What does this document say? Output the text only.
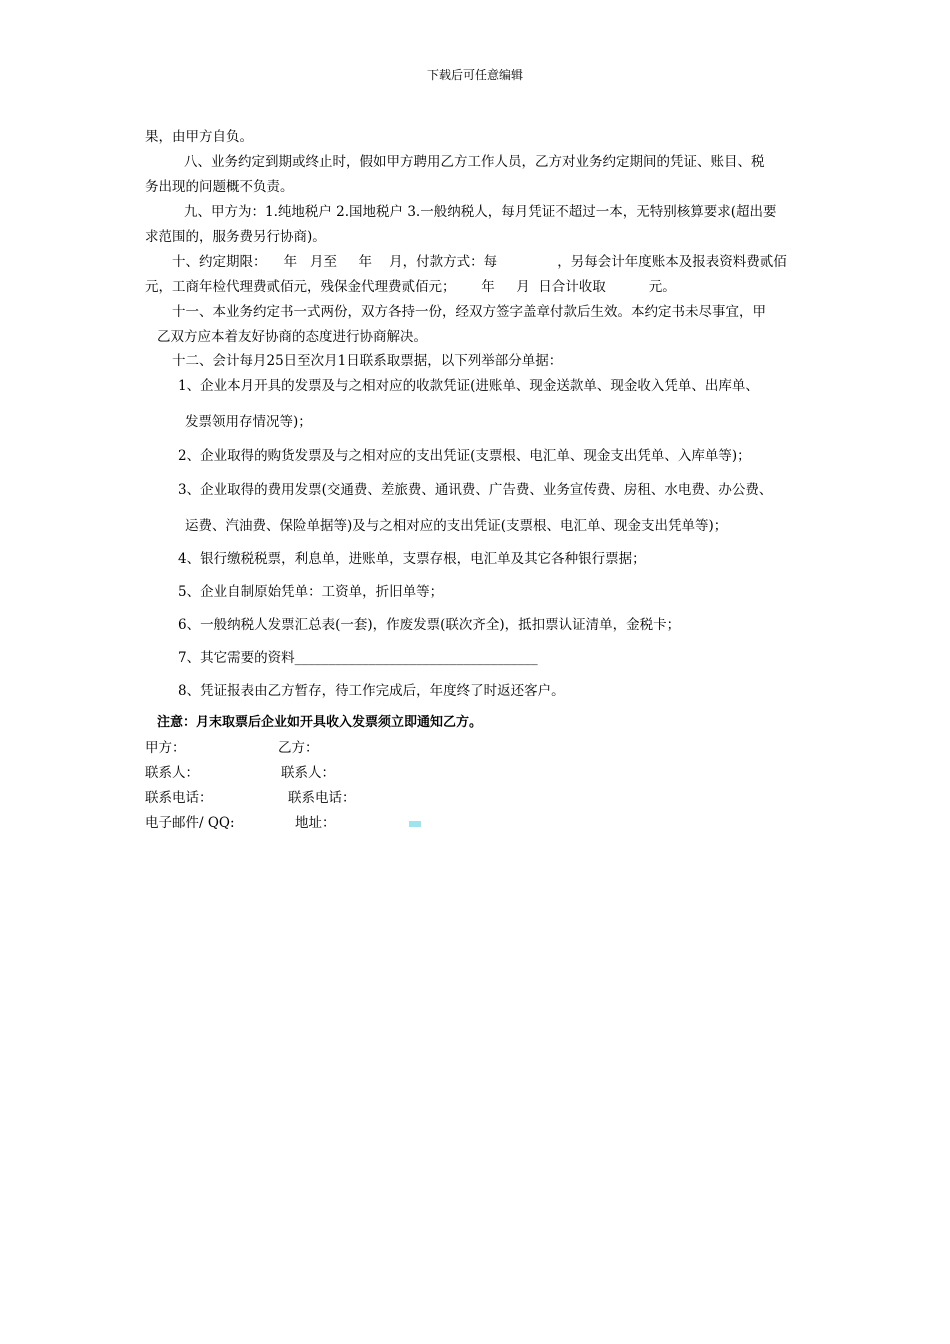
下载后可任意编辑
果，由甲方自负。
八、业务约定到期或终止时，假如甲方聘用乙方工作人员，乙方对业务约定期间的凭证、账目、税
务出现的问题概不负责。
九、甲方为：1.纯地税户 2.国地税户 3.一般纳税人，每月凭证不超过一本，无特别核算要求(超出要
求范围的，服务费另行协商)。
十、约定期限：    年   月至     年    月，付款方式：每              ，另每会计年度账本及报表资料费贰佰
元，工商年检代理费贰佰元，残保金代理费贰佰元；      年     月  日合计收取          元。
十一、本业务约定书一式两份，双方各持一份，经双方签字盖章付款后生效。本约定书未尽事宜，甲
乙双方应本着友好协商的态度进行协商解决。
十二、会计每月25日至次月1日联系取票据，以下列举部分单据：
1、企业本月开具的发票及与之相对应的收款凭证(进账单、现金送款单、现金收入凭单、出库单、
发票领用存情况等)；
2、企业取得的购货发票及与之相对应的支出凭证(支票根、电汇单、现金支出凭单、入库单等)；
3、企业取得的费用发票(交通费、差旅费、通讯费、广告费、业务宣传费、房租、水电费、办公费、
运费、汽油费、保险单据等)及与之相对应的支出凭证(支票根、电汇单、现金支出凭单等)；
4、银行缴税税票，利息单，进账单，支票存根，电汇单及其它各种银行票据；
5、企业自制原始凭单：工资单，折旧单等；
6、一般纳税人发票汇总表(一套)，作废发票(联次齐全)，抵扣票认证清单，金税卡；
7、其它需要的资料____________________________________
8、凭证报表由乙方暂存，待工作完成后，年度终了时返还客户。
注意：月末取票后企业如开具收入发票须立即通知乙方。
甲方：	乙方：
联系人：	联系人：
联系电话：	联系电话：
电子邮件/ QQ:	地址：
